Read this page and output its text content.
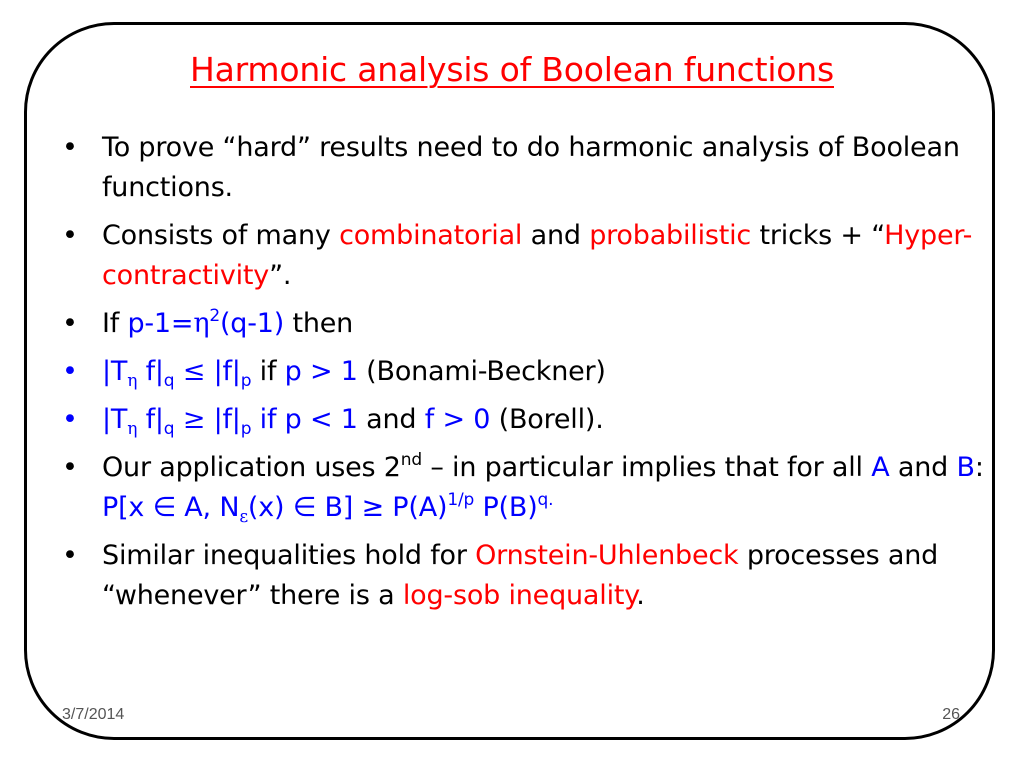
Harmonic analysis of Boolean functions
• To prove “hard” results need to do harmonic analysis of Boolean functions.
• Consists of many combinatorial and probabilistic tricks + “Hyper-contractivity”.
• If $p-1=\eta^2(q-1)$ then
• $|T_\eta$ $f|_q \le |f|_p$ if p > 1 (Bonami-Beckner)
• $|T_\eta$ $f|_q \ge |f|_p$ if p < 1 and f > 0 (Borell).
• Our application uses 2nd – in particular implies that for all A and B: P[x ∈ A, $N_\varepsilon(x)$ ∈ $B] \ge P(A)^{1/p}$ $P(B)^{q.}$
• Similar inequalities hold for Ornstein-Uhlenbeck processes and “whenever” there is a log-sob inequality.
3/7/2014	26
